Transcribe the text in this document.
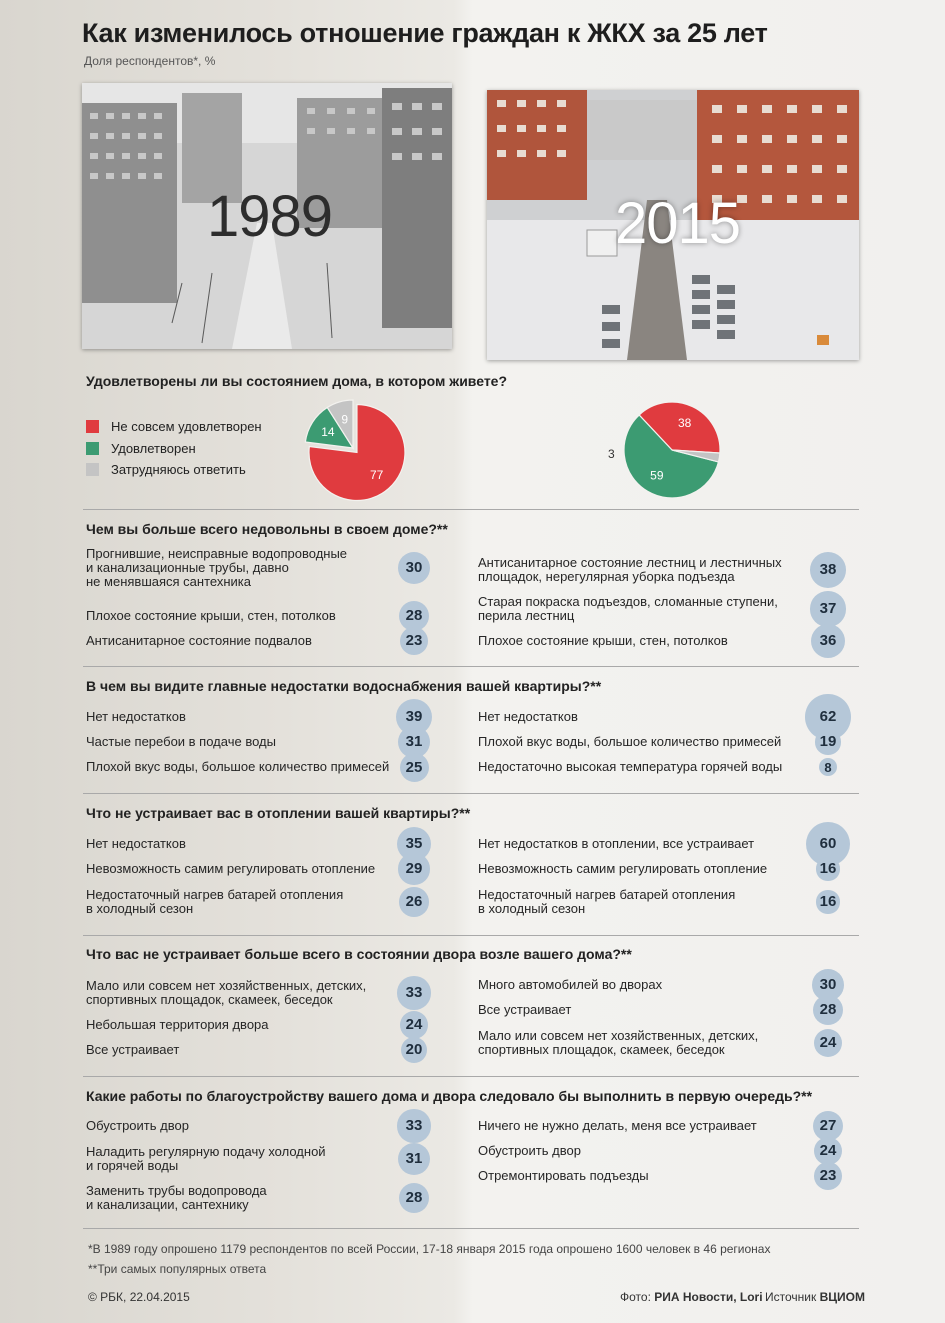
Как изменилось отношение граждан к ЖКХ за 25 лет
Доля респондентов*, %
1989	2015
Удовлетворены ли вы состоянием дома, в котором живете?
Не совсем удовлетворен
Удовлетворен
Затрудняюсь ответить	77
14
9	38
59
3
Чем вы больше всего недовольны в своем доме?**
Прогнившие, неисправные водопроводные
и канализационные трубы, давно
не менявшаяся сантехника
30
Плохое состояние крыши, стен, потолков	28
Антисанитарное состояние подвалов	23
Антисанитарное состояние лестниц и лестничных
площадок, нерегулярная уборка подъезда	38
Старая покраска подъездов, сломанные ступени,
перила лестниц	37
Плохое состояние крыши, стен, потолков	36
В чем вы видите главные недостатки водоснабжения вашей квартиры?**
Нет недостатков	39
Частые перебои в подаче воды	31
Плохой вкус воды, большое количество примесей	25
Нет недостатков	62
Плохой вкус воды, большое количество примесей	19
Недостаточно высокая температура горячей воды	8
Что не устраивает вас в отоплении вашей квартиры?**
Нет недостатков	35
Невозможность самим регулировать отопление	29
Недостаточный нагрев батарей отопления
в холодный сезон	26
Нет недостатков в отоплении, все устраивает	60
Невозможность самим регулировать отопление	16
Недостаточный нагрев батарей отопления
в холодный сезон	16
Что вас не устраивает больше всего в состоянии двора возле вашего дома?**
Мало или совсем нет хозяйственных, детских,
спортивных площадок, скамеек, беседок	33
Небольшая территория двора	24
Все устраивает	20
Много автомобилей во дворах	30
Все устраивает	28
Мало или совсем нет хозяйственных, детских,
спортивных площадок, скамеек, беседок	24
Какие работы по благоустройству вашего дома и двора следовало бы выполнить в первую очередь?**
Обустроить двор	33
Наладить регулярную подачу холодной
и горячей воды	31
Заменить трубы водопровода
и канализации, сантехнику	28
Ничего не нужно делать, меня все устраивает	27
Обустроить двор	24
Отремонтировать подъезды	23
*В 1989 году опрошено 1179 респондентов по всей России, 17-18 января 2015 года опрошено 1600 человек в 46 регионах
**Три самых популярных ответа
© РБК, 22.04.2015	Фото: РИА Новости, Lori Источник ВЦИОМ
